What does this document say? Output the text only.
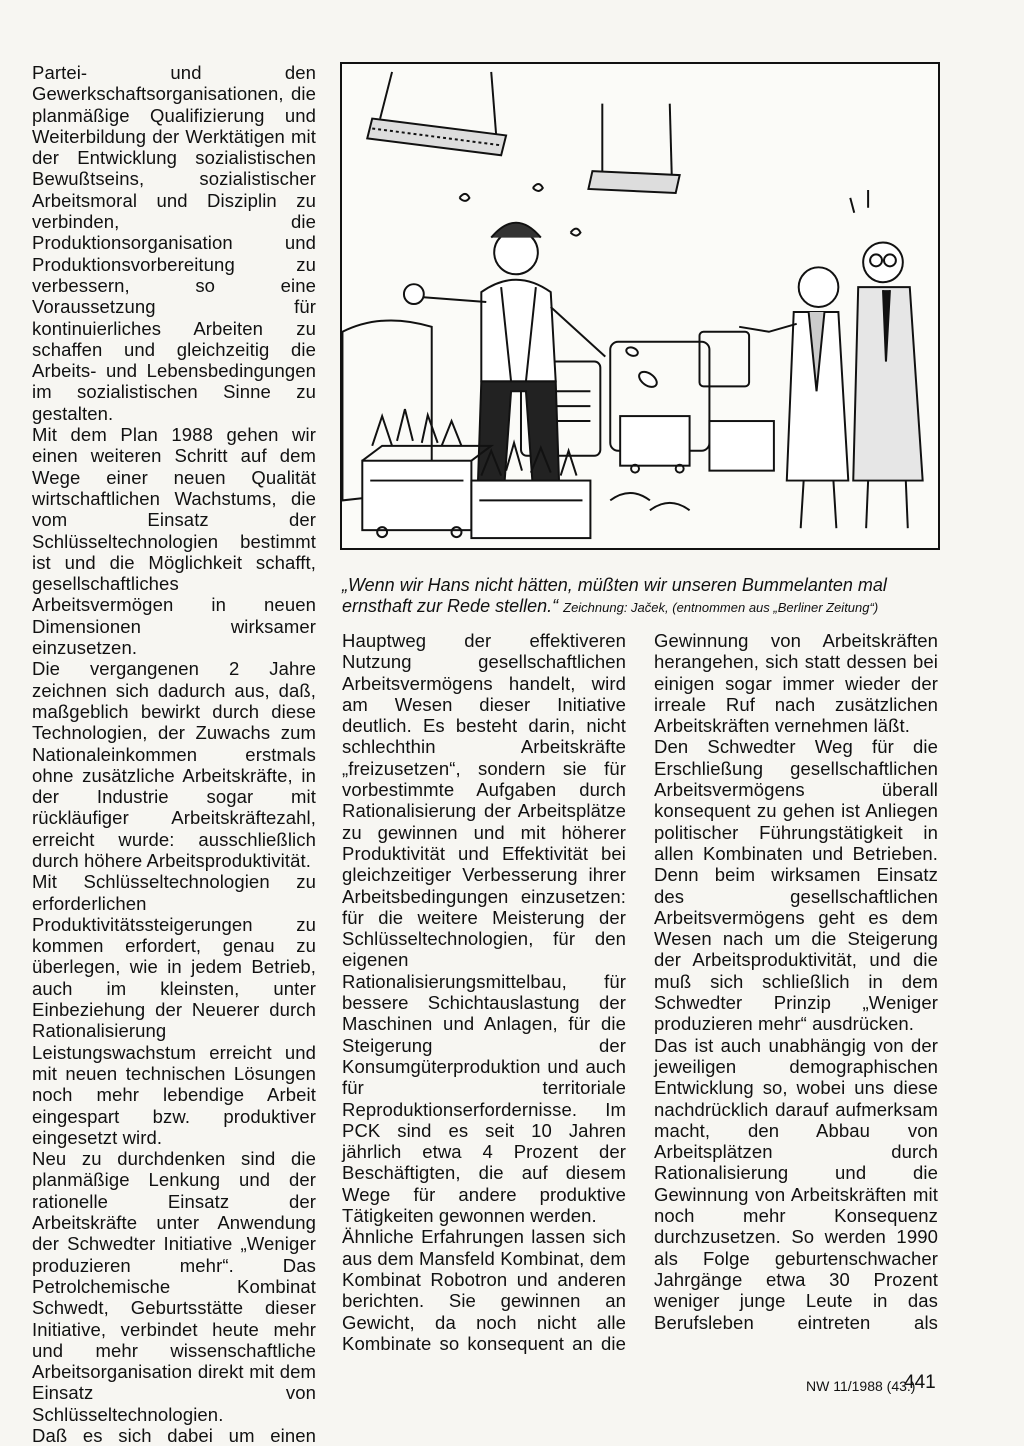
Partei- und den Gewerkschaftsorganisationen, die planmäßige Qualifizierung und Weiterbildung der Werktätigen mit der Entwicklung sozialistischen Bewußtseins, sozialistischer Arbeitsmoral und Disziplin zu verbinden, die Produktionsorganisation und Produktionsvorbereitung zu verbessern, so eine Voraussetzung für kontinuierliches Arbeiten zu schaffen und gleichzeitig die Arbeits- und Lebensbedingungen im sozialistischen Sinne zu gestalten.

Mit dem Plan 1988 gehen wir einen weiteren Schritt auf dem Wege einer neuen Qualität wirtschaftlichen Wachstums, die vom Einsatz der Schlüsseltechnologien bestimmt ist und die Möglichkeit schafft, gesellschaftliches Arbeitsvermögen in neuen Dimensionen wirksamer einzusetzen.

Die vergangenen 2 Jahre zeichnen sich dadurch aus, daß, maßgeblich bewirkt durch diese Technologien, der Zuwachs zum Nationaleinkommen erstmals ohne zusätzliche Arbeitskräfte, in der Industrie sogar mit rückläufiger Arbeitskräftezahl, erreicht wurde: ausschließlich durch höhere Arbeitsproduktivität.

Mit Schlüsseltechnologien zu erforderlichen Produktivitätssteigerungen zu kommen erfordert, genau zu überlegen, wie in jedem Betrieb, auch im kleinsten, unter Einbeziehung der Neuerer durch Rationalisierung Leistungswachstum erreicht und mit neuen technischen Lösungen noch mehr lebendige Arbeit eingespart bzw. produktiver eingesetzt wird.

Neu zu durchdenken sind die planmäßige Lenkung und der rationelle Einsatz der Arbeitskräfte unter Anwendung der Schwedter Initiative „Weniger produzieren mehr“. Das Petrolchemische Kombinat Schwedt, Geburtsstätte dieser Initiative, verbindet heute mehr und mehr wissenschaftliche Arbeitsorganisation direkt mit dem Einsatz von Schlüsseltechnologien.

Daß es sich dabei um einen

„Wenn wir Hans nicht hätten, müßten wir unseren Bummelanten mal ernsthaft zur Rede stellen.“ Zeichnung: Jaček, (entnommen aus „Berliner Zeitung“)

Hauptweg der effektiveren Nutzung gesellschaftlichen Arbeitsvermögens handelt, wird am Wesen dieser Initiative deutlich. Es besteht darin, nicht schlechthin Arbeitskräfte „freizusetzen“, sondern sie für vorbestimmte Aufgaben durch Rationalisierung der Arbeitsplätze zu gewinnen und mit höherer Produktivität und Effektivität bei gleichzeitiger Verbesserung ihrer Arbeitsbedingungen einzusetzen: für die weitere Meisterung der Schlüsseltechnologien, für den eigenen Rationalisierungsmittelbau, für bessere Schichtauslastung der Maschinen und Anlagen, für die Steigerung der Konsumgüterproduktion und auch für territoriale Reproduktionserfordernisse. Im PCK sind es seit 10 Jahren jährlich etwa 4 Prozent der Beschäftigten, die auf diesem Wege für andere produktive Tätigkeiten gewonnen werden.

Ähnliche Erfahrungen lassen sich aus dem Mansfeld Kombinat, dem Kombinat Robotron und anderen berichten. Sie gewinnen an Gewicht, da noch nicht alle Kombinate so konsequent an die

Gewinnung von Arbeitskräften herangehen, sich statt dessen bei einigen sogar immer wieder der irreale Ruf nach zusätzlichen Arbeitskräften vernehmen läßt.

Den Schwedter Weg für die Erschließung gesellschaftlichen Arbeitsvermögens überall konsequent zu gehen ist Anliegen politischer Führungstätigkeit in allen Kombinaten und Betrieben. Denn beim wirksamen Einsatz des gesellschaftlichen Arbeitsvermögens geht es dem Wesen nach um die Steigerung der Arbeitsproduktivität, und die muß sich schließlich in dem Schwedter Prinzip „Weniger produzieren mehr“ ausdrücken.

Das ist auch unabhängig von der jeweiligen demographischen Entwicklung so, wobei uns diese nachdrücklich darauf aufmerksam macht, den Abbau von Arbeitsplätzen durch Rationalisierung und die Gewinnung von Arbeitskräften mit noch mehr Konsequenz durchzusetzen. So werden 1990 als Folge geburtenschwacher Jahrgänge etwa 30 Prozent weniger junge Leute in das Berufsleben eintreten als

NW 11/1988 (43.)
441
